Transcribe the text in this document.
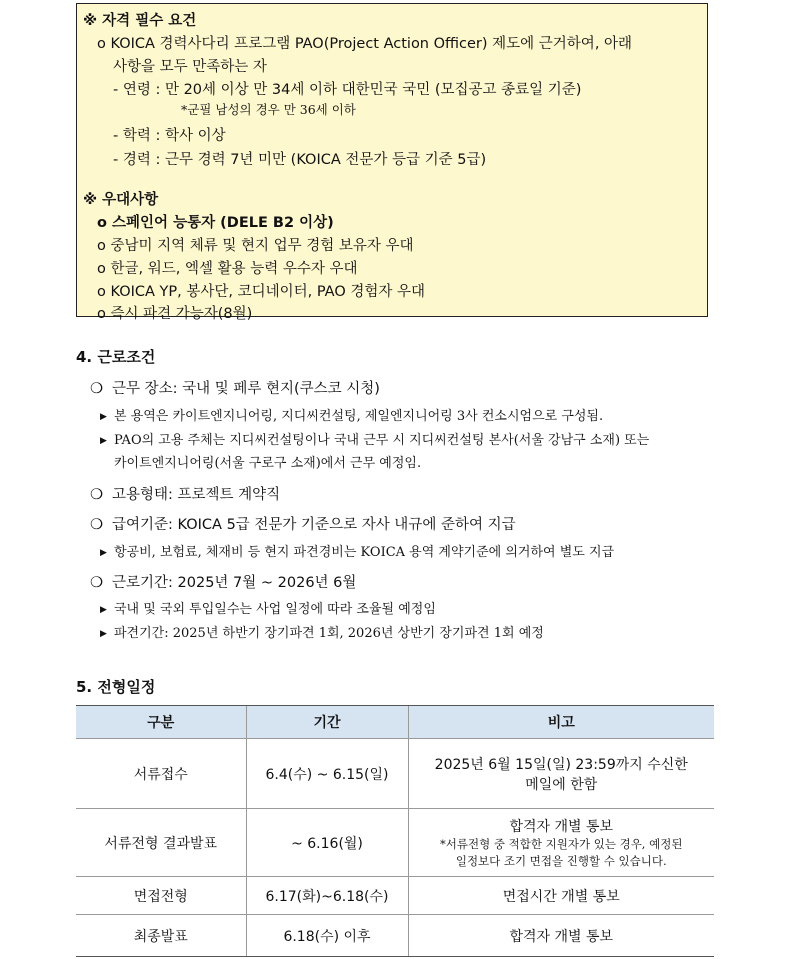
※ 자격 필수 요건
o KOICA 경력사다리 프로그램 PAO(Project Action Officer) 제도에 근거하여, 아래
사항을 모두 만족하는 자
- 연령 : 만 20세 이상 만 34세 이하 대한민국 국민 (모집공고 종료일 기준)
*군필 남성의 경우 만 36세 이하
- 학력 : 학사 이상
- 경력 : 근무 경력 7년 미만 (KOICA 전문가 등급 기준 5급)
※ 우대사항
o 스페인어 능통자 (DELE B2 이상)
o 중남미 지역 체류 및 현지 업무 경험 보유자 우대
o 한글, 워드, 엑셀 활용 능력 우수자 우대
o KOICA YP, 봉사단, 코디네이터, PAO 경험자 우대
o 즉시 파견 가능자(8월)
4. 근로조건
❍ 근무 장소: 국내 및 페루 현지(쿠스코 시청)
▶ 본 용역은 카이트엔지니어링, 지디씨컨설팅, 제일엔지니어링 3사 컨소시엄으로 구성됨.
▶ PAO의 고용 주체는 지디씨컨설팅이나 국내 근무 시 지디씨컨설팅 본사(서울 강남구 소재) 또는
카이트엔지니어링(서울 구로구 소재)에서 근무 예정임.
❍ 고용형태: 프로젝트 계약직
❍ 급여기준: KOICA 5급 전문가 기준으로 자사 내규에 준하여 지급
▶ 항공비, 보험료, 체재비 등 현지 파견경비는 KOICA 용역 계약기준에 의거하여 별도 지급
❍ 근로기간: 2025년 7월 ~ 2026년 6월
▶ 국내 및 국외 투입일수는 사업 일정에 따라 조율될 예정임
▶ 파견기간: 2025년 하반기 장기파견 1회, 2026년 상반기 장기파견 1회 예정
5. 전형일정
구분	기간	비고
서류접수	6.4(수) ~ 6.15(일)	2025년 6월 15일(일) 23:59까지 수신한
메일에 한함

서류전형 결과발표	~ 6.16(월)	합격자 개별 통보
*서류전형 중 적합한 지원자가 있는 경우, 예정된
일정보다 조기 면접을 진행할 수 있습니다.

면접전형	6.17(화)~6.18(수)	면접시간 개별 통보
최종발표	6.18(수) 이후	합격자 개별 통보
